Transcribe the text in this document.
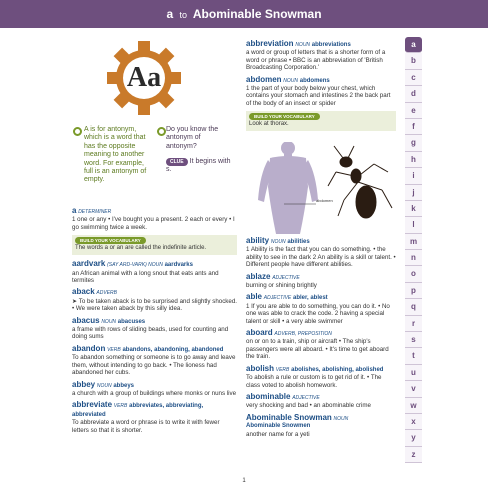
a to Abominable Snowman
Aa
A is for antonym, which is a word that has the opposite meaning to another word. For example, full is an antonym of empty.
Do you know the antonym of antonym?
CLUE It begins with s.
a DETERMINER
1 one or any • I've bought you a present. 2 each or every • I go swimming twice a week.
BUILD YOUR VOCABULARY
The words a or an are called the indefinite article.
aardvark (SAY ARD-VARK) NOUN aardvarks
an African animal with a long snout that eats ants and termites
aback ADVERB
➤ To be taken aback is to be surprised and slightly shocked. • We were taken aback by this silly idea.
abacus NOUN abacuses
a frame with rows of sliding beads, used for counting and doing sums
abandon VERB abandons, abandoning, abandoned
To abandon something or someone is to go away and leave them, without intending to go back. • The lioness had abandoned her cubs.
abbey NOUN abbeys
a church with a group of buildings where monks or nuns live
abbreviate VERB abbreviates, abbreviating, abbreviated
To abbreviate a word or phrase is to write it with fewer letters so that it is shorter.
abbreviation NOUN abbreviations
a word or group of letters that is a shorter form of a word or phrase • BBC is an abbreviation of 'British Broadcasting Corporation.'
abdomen NOUN abdomens
1 the part of your body below your chest, which contains your stomach and intestines 2 the back part of the body of an insect or spider
BUILD YOUR VOCABULARY
Look at thorax.
abdomen
ability NOUN abilities
1 Ability is the fact that you can do something. • the ability to see in the dark 2 An ability is a skill or talent. • Different people have different abilities.
ablaze ADJECTIVE
burning or shining brightly
able ADJECTIVE abler, ablest
1 If you are able to do something, you can do it. • No one was able to crack the code. 2 having a special talent or skill • a very able swimmer
aboard ADVERB, PREPOSITION
on or on to a train, ship or aircraft • The ship's passengers were all aboard. • It's time to get aboard the train.
abolish VERB abolishes, abolishing, abolished
To abolish a rule or custom is to get rid of it. • The class voted to abolish homework.
abominable ADJECTIVE
very shocking and bad • an abominable crime
Abominable Snowman NOUN
Abominable Snowmen
another name for a yeti
a
b
c
d
e
f
g
h
i
j
k
l
m
n
o
p
q
r
s
t
u
v
w
x
y
z
1
